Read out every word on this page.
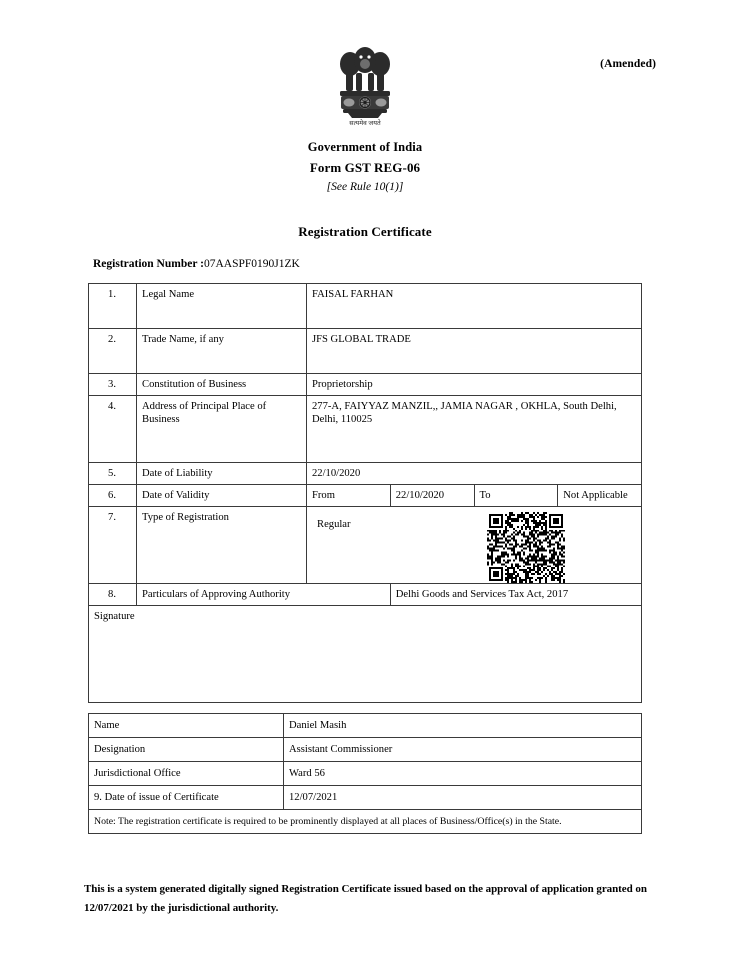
(Amended)
सत्यमेव जयते
Government of India
Form GST REG-06
[See Rule 10(1)]
Registration Certificate
Registration Number :07AASPF0190J1ZK
1.	Legal Name	FAISAL FARHAN			
2.	Trade Name, if any	JFS GLOBAL TRADE			
3.	Constitution of Business	Proprietorship			
4.	Address of Principal Place of Business	277-A, FAIYYAZ MANZIL,, JAMIA NAGAR , OKHLA, South Delhi, Delhi, 110025			
5.	Date of Liability	22/10/2020			
6.	Date of Validity	From	22/10/2020	To	Not Applicable
7.	Type of Registration	Regular			

8.	Particulars of Approving Authority		Delhi Goods and Services Tax Act, 2017		
Signature					
Name	Daniel Masih
Designation	Assistant Commissioner
Jurisdictional Office	Ward 56
9. Date of issue of Certificate	12/07/2021
Note: The registration certificate is required to be prominently displayed at all places of Business/Office(s) in the State.	
This is a system generated digitally signed Registration Certificate issued based on the approval of application granted on 12/07/2021 by the jurisdictional authority.
